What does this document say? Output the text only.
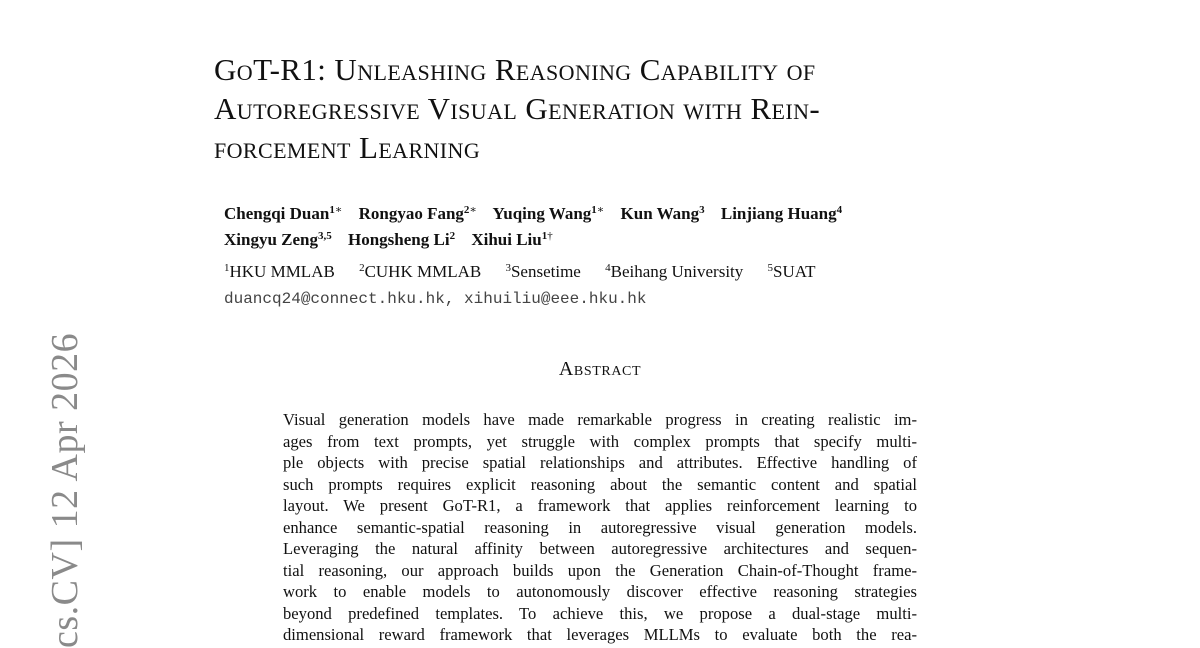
cs.CV] 12 Apr 2026
GoT-R1: Unleashing Reasoning Capability of
Autoregressive Visual Generation with Rein-
forcement Learning
Chengqi Duan$^{1∗}$ Rongyao Fang$^{2∗}$ Yuqing Wang$^{1∗}$ Kun Wang$^3$ Linjiang Huang$^4$
Xingyu Zeng$^{3,5}$ Hongsheng Li$^2$ Xihui Liu$^{1\dagger}$
$^1$HKU MMLAB $^2$CUHK MMLAB $^3$Sensetime $^4$Beihang University $^5$SUAT
duancq24@connect.hku.hk, xihuiliu@eee.hku.hk
Abstract
Visual generation models have made remarkable progress in creating realistic im-
ages from text prompts, yet struggle with complex prompts that specify multi-
ple objects with precise spatial relationships and attributes. Effective handling of
such prompts requires explicit reasoning about the semantic content and spatial
layout. We present GoT-R1, a framework that applies reinforcement learning to
enhance semantic-spatial reasoning in autoregressive visual generation models.
Leveraging the natural affinity between autoregressive architectures and sequen-
tial reasoning, our approach builds upon the Generation Chain-of-Thought frame-
work to enable models to autonomously discover effective reasoning strategies
beyond predefined templates. To achieve this, we propose a dual-stage multi-
dimensional reward framework that leverages MLLMs to evaluate both the rea-
